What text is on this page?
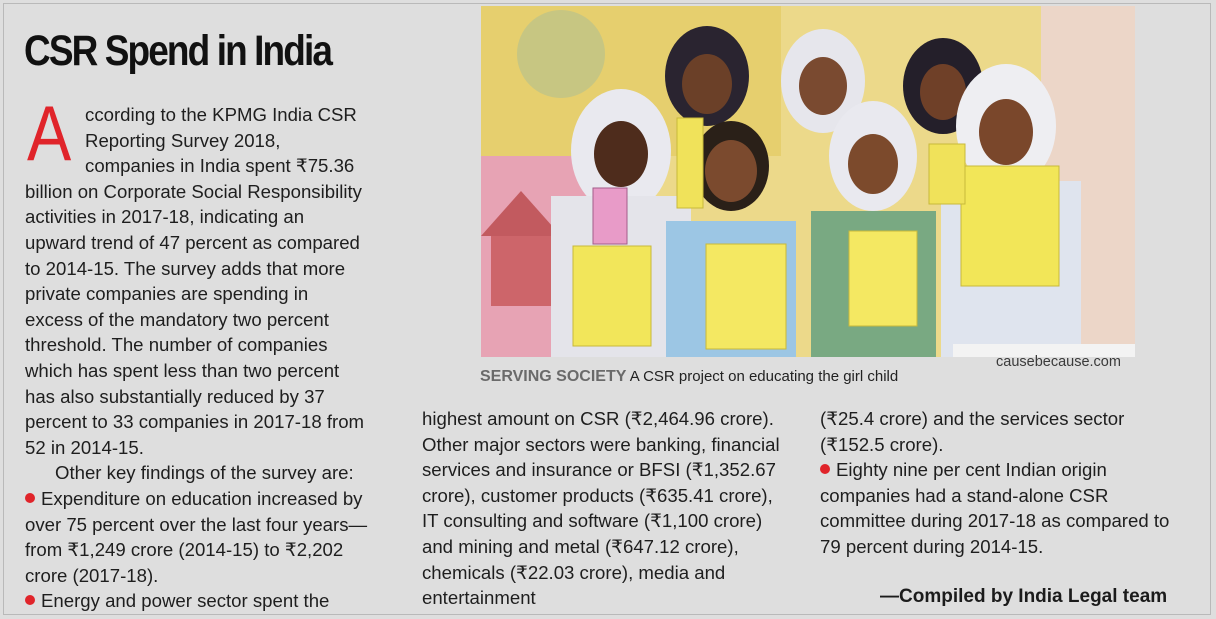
CSR Spend in India

According to the KPMG India CSR Reporting Survey 2018, companies in India spent ₹75.36 billion on Corporate Social Responsibility activities in 2017-18, indicating an upward trend of 47 percent as compared to 2014-15. The survey adds that more private companies are spending in excess of the mandatory two percent threshold. The number of companies which has spent less than two percent has also substantially reduced by 37 percent to 33 companies in 2017-18 from 52 in 2014-15.

Other key findings of the survey are:

Expenditure on education increased by over 75 percent over the last four years—from ₹1,249 crore (2014-15) to ₹2,202 crore (2017-18).

Energy and power sector spent the

causebecause.com
SERVING SOCIETY A CSR project on educating the girl child

highest amount on CSR (₹2,464.96 crore). Other major sectors were banking, financial services and insurance or BFSI (₹1,352.67 crore), customer products (₹635.41 crore), IT consulting and software (₹1,100 crore) and mining and metal (₹647.12 crore), chemicals (₹22.03 crore), media and entertainment

(₹25.4 crore) and the services sector (₹152.5 crore).

Eighty nine per cent Indian origin companies had a stand-alone CSR committee during 2017-18 as compared to 79 percent during 2014-15.

—Compiled by India Legal team
